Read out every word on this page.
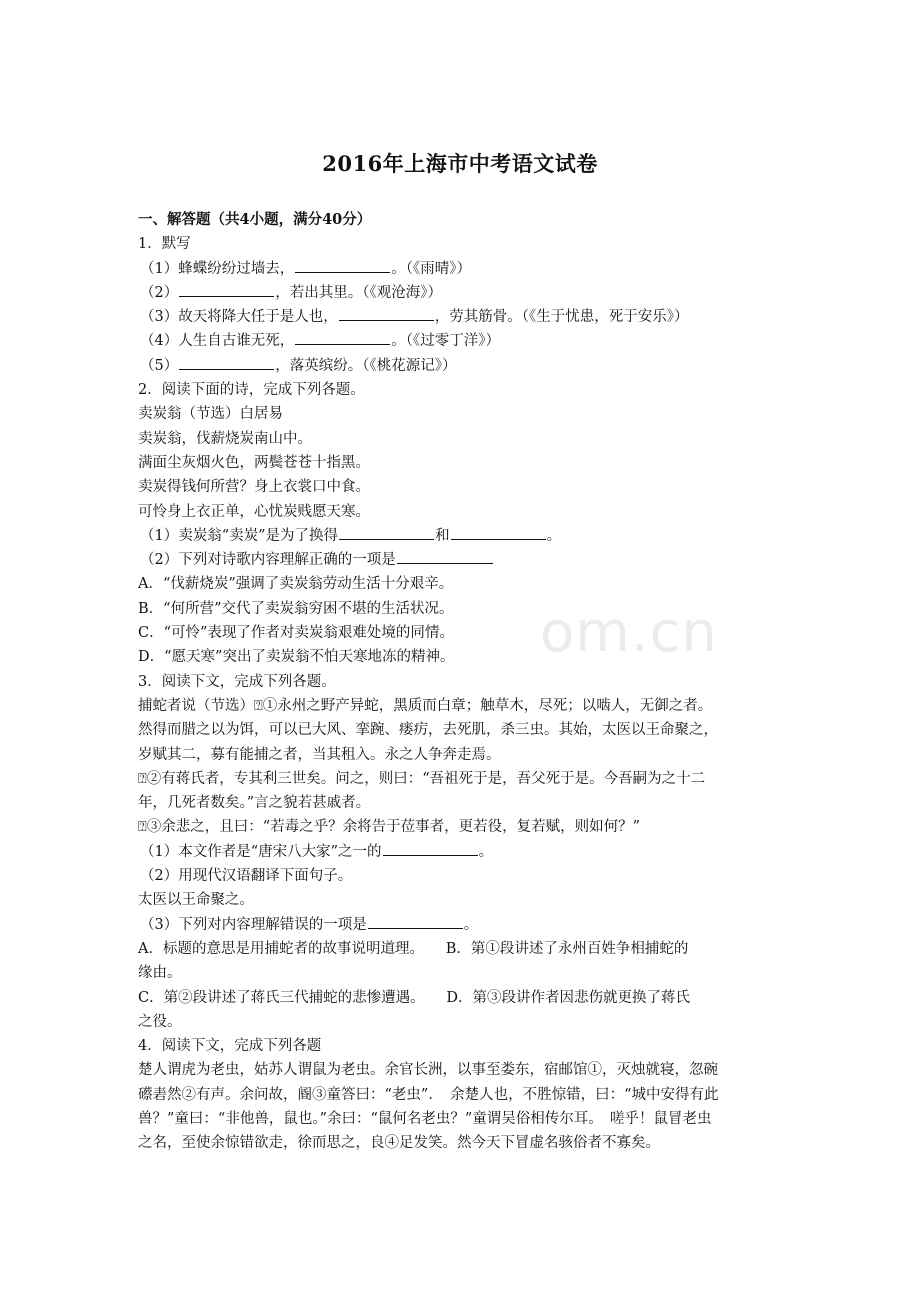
2016年上海市中考语文试卷
om.cn
一、解答题（共4小题，满分40分）
1．默写
（1）蜂蝶纷纷过墙去，	。（《雨晴》）
（2）	，若出其里。（《观沧海》）
（3）故天将降大任于是人也，	，劳其筋骨。（《生于忧患，死于安乐》）
（4）人生自古谁无死，	。（《过零丁洋》）
（5）	，落英缤纷。（《桃花源记》）
2．阅读下面的诗，完成下列各题。
卖炭翁（节选）白居易
卖炭翁，伐薪烧炭南山中。
满面尘灰烟火色，两鬓苍苍十指黑。
卖炭得钱何所营？身上衣裳口中食。
可怜身上衣正单，心忧炭贱愿天寒。
（1）卖炭翁“卖炭”是为了换得	和	。
（2）下列对诗歌内容理解正确的一项是
A．“伐薪烧炭”强调了卖炭翁劳动生活十分艰辛。
B．“何所营”交代了卖炭翁穷困不堪的生活状况。
C．“可怜”表现了作者对卖炭翁艰难处境的同情。
D．“愿天寒”突出了卖炭翁不怕天寒地冻的精神。
3．阅读下文，完成下列各题。
捕蛇者说（节选）⍰①永州之野产异蛇，黑质而白章；触草木，尽死；以啮人，无御之者。
然得而腊之以为饵，可以已大风、挛踠、瘘疠，去死肌，杀三虫。其始，太医以王命聚之，
岁赋其二，募有能捕之者，当其租入。永之人争奔走焉。
⍰②有蒋氏者，专其利三世矣。问之，则曰：“吾祖死于是，吾父死于是。今吾嗣为之十二
年，几死者数矣。”言之貌若甚戚者。
⍰③余悲之，且曰：“若毒之乎？余将告于莅事者，更若役，复若赋，则如何？”
（1）本文作者是“唐宋八大家”之一的	。
（2）用现代汉语翻译下面句子。
太医以王命聚之。
（3）下列对内容理解错误的一项是	。
A．标题的意思是用捕蛇者的故事说明道理。　　B．第①段讲述了永州百姓争相捕蛇的
缘由。
C．第②段讲述了蒋氏三代捕蛇的悲惨遭遇。　　D．第③段讲作者因悲伤就更换了蒋氏
之役。
4．阅读下文，完成下列各题
楚人谓虎为老虫，姑苏人谓鼠为老虫。余官长洲，以事至娄东，宿邮馆①，灭烛就寝，忽碗
礤砉然②有声。余问故，阍③童答曰：“老虫”．　余楚人也，不胜惊错，曰：“城中安得有此
兽？”童曰：“非他兽，鼠也。”余曰：“鼠何名老虫？”童谓吴俗相传尔耳。　嗟乎！鼠冒老虫
之名，至使余惊错欲走，徐而思之，良④足发笑。然今天下冒虚名骇俗者不寡矣。
